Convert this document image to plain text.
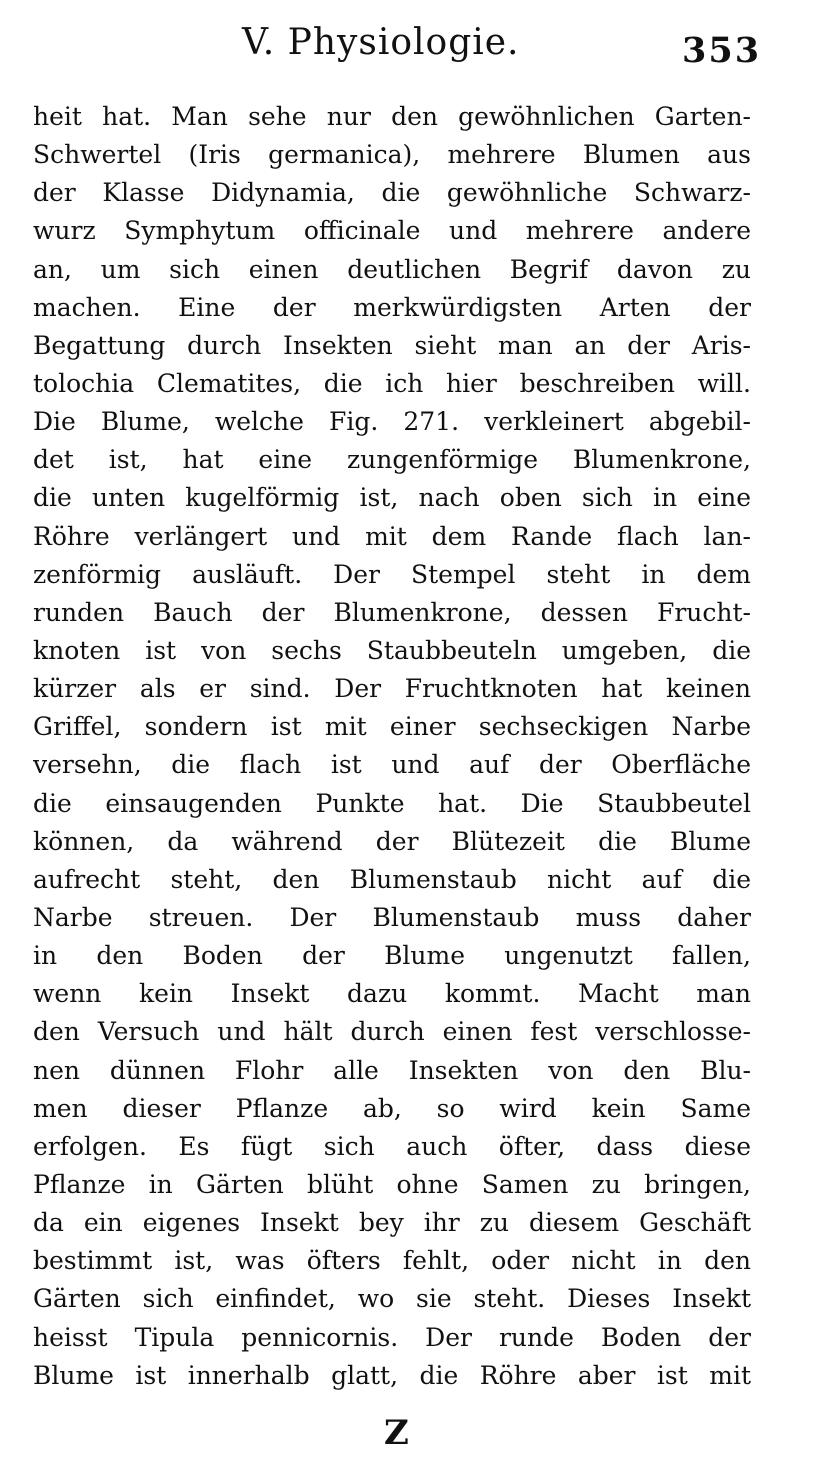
V. Physiologie.	353
heit hat. Man sehe nur den gewöhnlichen Garten-
Schwertel (Iris germanica), mehrere Blumen aus
der Klasse Didynamia, die gewöhnliche Schwarz-
wurz Symphytum officinale und mehrere andere
an, um sich einen deutlichen Begrif davon zu
machen. Eine der merkwürdigsten Arten der
Begattung durch Insekten sieht man an der Aris-
tolochia Clematites, die ich hier beschreiben will.
Die Blume, welche Fig. 271. verkleinert abgebil-
det ist, hat eine zungenförmige Blumenkrone,
die unten kugelförmig ist, nach oben sich in eine
Röhre verlängert und mit dem Rande flach lan-
zenförmig ausläuft. Der Stempel steht in dem
runden Bauch der Blumenkrone, dessen Frucht-
knoten ist von sechs Staubbeuteln umgeben, die
kürzer als er sind. Der Fruchtknoten hat keinen
Griffel, sondern ist mit einer sechseckigen Narbe
versehn, die flach ist und auf der Oberfläche
die einsaugenden Punkte hat. Die Staubbeutel
können, da während der Blütezeit die Blume
aufrecht steht, den Blumenstaub nicht auf die
Narbe streuen. Der Blumenstaub muss daher
in den Boden der Blume ungenutzt fallen,
wenn kein Insekt dazu kommt. Macht man
den Versuch und hält durch einen fest verschlosse-
nen dünnen Flohr alle Insekten von den Blu-
men dieser Pflanze ab, so wird kein Same
erfolgen. Es fügt sich auch öfter, dass diese
Pflanze in Gärten blüht ohne Samen zu bringen,
da ein eigenes Insekt bey ihr zu diesem Geschäft
bestimmt ist, was öfters fehlt, oder nicht in den
Gärten sich einfindet, wo sie steht. Dieses Insekt
heisst Tipula pennicornis. Der runde Boden der
Blume ist innerhalb glatt, die Röhre aber ist mit
Z
